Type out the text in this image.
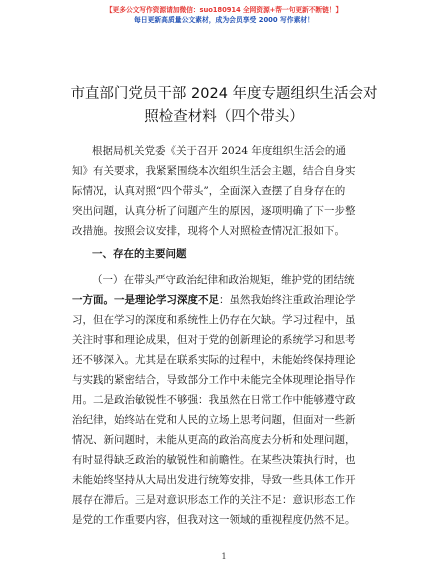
【更多公文写作资源请加微信：suo180914 全网资源+帮一句更新不断链！】
每日更新高质量公文素材，成为会员享受 2000 写作素材！
市直部门党员干部 2024 年度专题组织生活会对
照检查材料（四个带头）
根据局机关党委《关于召开 2024 年度组织生活会的通
知》有关要求，我紧紧围绕本次组织生活会主题，结合自身实
际情况，认真对照“四个带头”，全面深入查摆了自身存在的
突出问题，认真分析了问题产生的原因，逐项明确了下一步整
改措施。按照会议安排，现将个人对照检查情况汇报如下。
一、存在的主要问题
（一）在带头严守政治纪律和政治规矩，维护党的团结统
一方面。一是理论学习深度不足：虽然我始终注重政治理论学
习，但在学习的深度和系统性上仍存在欠缺。学习过程中，虽
关注时事和理论成果，但对于党的创新理论的系统学习和思考
还不够深入。尤其是在联系实际的过程中，未能始终保持理论
与实践的紧密结合，导致部分工作中未能完全体现理论指导作
用。二是政治敏锐性不够强：我虽然在日常工作中能够遵守政
治纪律，始终站在党和人民的立场上思考问题，但面对一些新
情况、新问题时，未能从更高的政治高度去分析和处理问题，
有时显得缺乏政治的敏锐性和前瞻性。在某些决策执行时，也
未能始终坚持从大局出发进行统筹安排，导致一些具体工作开
展存在滞后。三是对意识形态工作的关注不足：意识形态工作
是党的工作重要内容，但我对这一领域的重视程度仍然不足。
1
